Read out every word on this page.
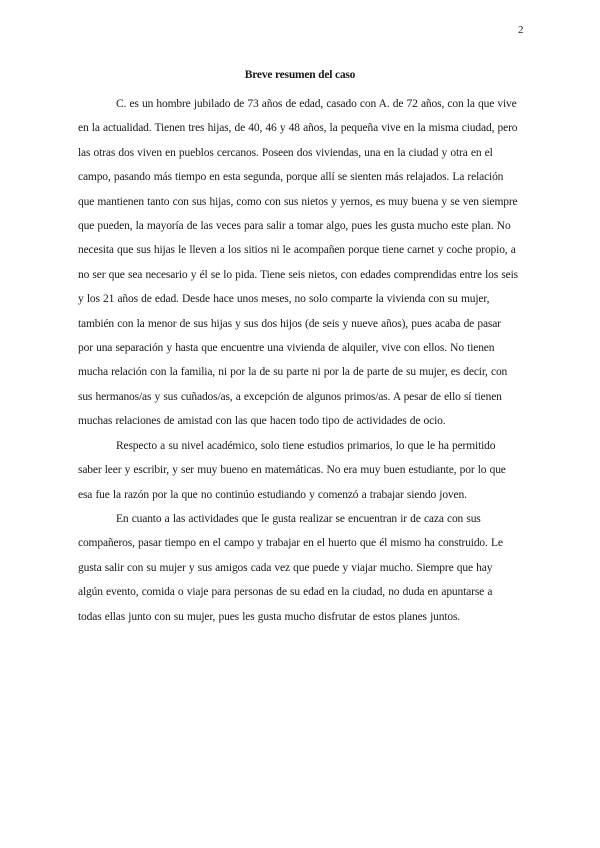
2
Breve resumen del caso

C. es un hombre jubilado de 73 años de edad, casado con A. de 72 años, con la que vive en la actualidad. Tienen tres hijas, de 40, 46 y 48 años, la pequeña vive en la misma ciudad, pero las otras dos viven en pueblos cercanos. Poseen dos viviendas, una en la ciudad y otra en el campo, pasando más tiempo en esta segunda, porque allí se sienten más relajados. La relación que mantienen tanto con sus hijas, como con sus nietos y yernos, es muy buena y se ven siempre que pueden, la mayoría de las veces para salir a tomar algo, pues les gusta mucho este plan. No necesita que sus hijas le lleven a los sitios ni le acompañen porque tiene carnet y coche propio, a no ser que sea necesario y él se lo pida. Tiene seis nietos, con edades comprendidas entre los seis y los 21 años de edad. Desde hace unos meses, no solo comparte la vivienda con su mujer, también con la menor de sus hijas y sus dos hijos (de seis y nueve años), pues acaba de pasar por una separación y hasta que encuentre una vivienda de alquiler, vive con ellos. No tienen mucha relación con la familia, ni por la de su parte ni por la de parte de su mujer, es decir, con sus hermanos/as y sus cuñados/as, a excepción de algunos primos/as. A pesar de ello sí tienen muchas relaciones de amistad con las que hacen todo tipo de actividades de ocio.

Respecto a su nivel académico, solo tiene estudios primarios, lo que le ha permitido saber leer y escribir, y ser muy bueno en matemáticas. No era muy buen estudiante, por lo que esa fue la razón por la que no continúo estudiando y comenzó a trabajar siendo joven.

En cuanto a las actividades que le gusta realizar se encuentran ir de caza con sus compañeros, pasar tiempo en el campo y trabajar en el huerto que él mismo ha construido. Le gusta salir con su mujer y sus amigos cada vez que puede y viajar mucho. Siempre que hay algún evento, comida o viaje para personas de su edad en la ciudad, no duda en apuntarse a todas ellas junto con su mujer, pues les gusta mucho disfrutar de estos planes juntos.
